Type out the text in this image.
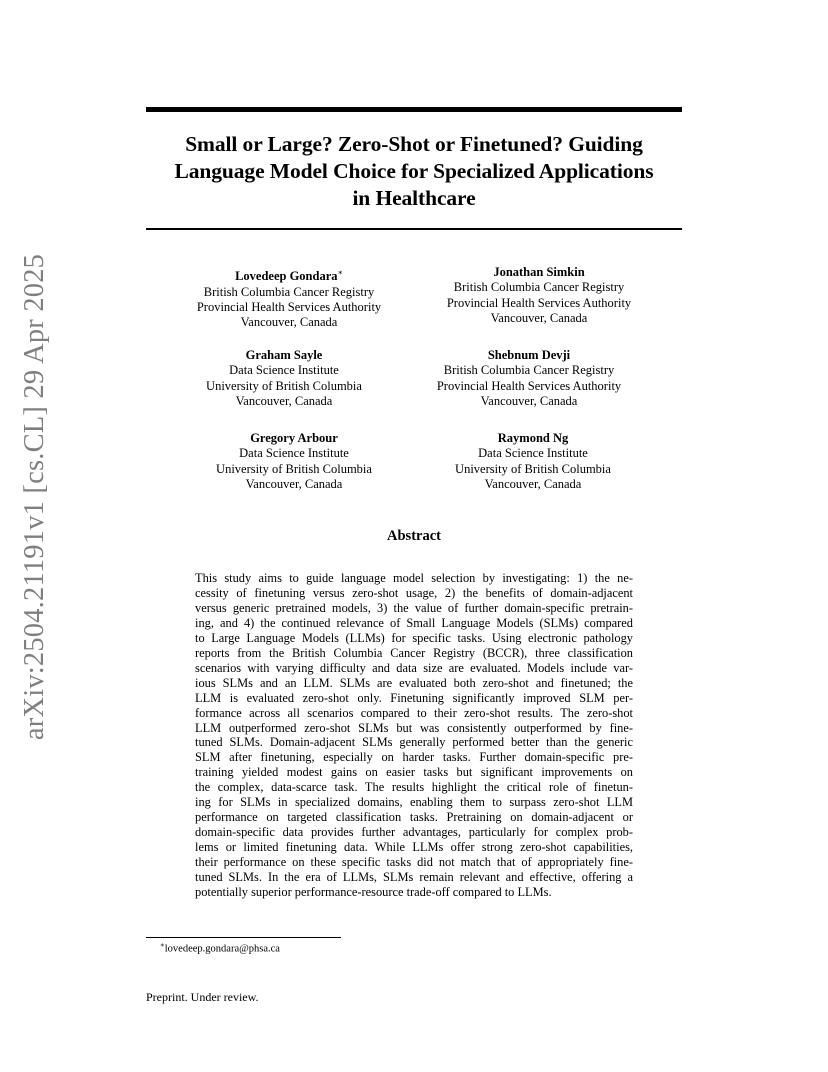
arXiv:2504.21191v1 [cs.CL] 29 Apr 2025
Small or Large? Zero-Shot or Finetuned? Guiding
Language Model Choice for Specialized Applications
in Healthcare
Lovedeep Gondara∗
British Columbia Cancer Registry
Provincial Health Services Authority
Vancouver, Canada
Jonathan Simkin
British Columbia Cancer Registry
Provincial Health Services Authority
Vancouver, Canada
Graham Sayle
Data Science Institute
University of British Columbia
Vancouver, Canada
Shebnum Devji
British Columbia Cancer Registry
Provincial Health Services Authority
Vancouver, Canada
Gregory Arbour
Data Science Institute
University of British Columbia
Vancouver, Canada
Raymond Ng
Data Science Institute
University of British Columbia
Vancouver, Canada
Abstract
This study aims to guide language model selection by investigating: 1) the ne-
cessity of finetuning versus zero-shot usage, 2) the benefits of domain-adjacent
versus generic pretrained models, 3) the value of further domain-specific pretrain-
ing, and 4) the continued relevance of Small Language Models (SLMs) compared
to Large Language Models (LLMs) for specific tasks. Using electronic pathology
reports from the British Columbia Cancer Registry (BCCR), three classification
scenarios with varying difficulty and data size are evaluated. Models include var-
ious SLMs and an LLM. SLMs are evaluated both zero-shot and finetuned; the
LLM is evaluated zero-shot only. Finetuning significantly improved SLM per-
formance across all scenarios compared to their zero-shot results. The zero-shot
LLM outperformed zero-shot SLMs but was consistently outperformed by fine-
tuned SLMs. Domain-adjacent SLMs generally performed better than the generic
SLM after finetuning, especially on harder tasks. Further domain-specific pre-
training yielded modest gains on easier tasks but significant improvements on
the complex, data-scarce task. The results highlight the critical role of finetun-
ing for SLMs in specialized domains, enabling them to surpass zero-shot LLM
performance on targeted classification tasks. Pretraining on domain-adjacent or
domain-specific data provides further advantages, particularly for complex prob-
lems or limited finetuning data. While LLMs offer strong zero-shot capabilities,
their performance on these specific tasks did not match that of appropriately fine-
tuned SLMs. In the era of LLMs, SLMs remain relevant and effective, offering a
potentially superior performance-resource trade-off compared to LLMs.
∗lovedeep.gondara@phsa.ca
Preprint. Under review.
